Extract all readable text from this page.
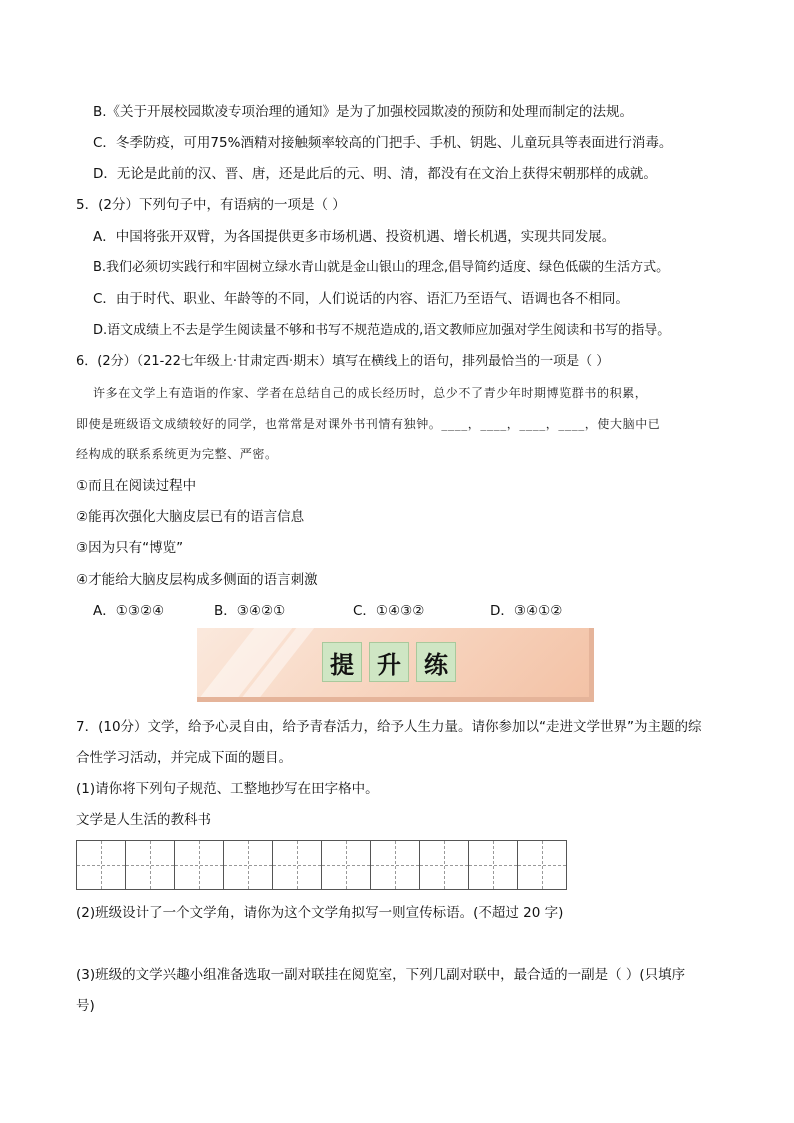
B.《关于开展校园欺凌专项治理的通知》是为了加强校园欺凌的预防和处理而制定的法规。
C．冬季防疫，可用75%酒精对接触频率较高的门把手、手机、钥匙、儿童玩具等表面进行消毒。
D．无论是此前的汉、晋、唐，还是此后的元、明、清，都没有在文治上获得宋朝那样的成就。
5．(2分）下列句子中，有语病的一项是（ ）
A．中国将张开双臂，为各国提供更多市场机遇、投资机遇、增长机遇，实现共同发展。
B.我们必须切实践行和牢固树立绿水青山就是金山银山的理念,倡导简约适度、绿色低碳的生活方式。
C．由于时代、职业、年龄等的不同，人们说话的内容、语汇乃至语气、语调也各不相同。
D.语文成绩上不去是学生阅读量不够和书写不规范造成的,语文教师应加强对学生阅读和书写的指导。
6．(2分）（21-22七年级上·甘肃定西·期末）填写在横线上的语句，排列最恰当的一项是（ ）
许多在文学上有造诣的作家、学者在总结自己的成长经历时，总少不了青少年时期博览群书的积累，
即使是班级语文成绩较好的同学，也常常是对课外书刊情有独钟。____，____，____，____，使大脑中已
经构成的联系系统更为完整、严密。
①而且在阅读过程中
②能再次强化大脑皮层已有的语言信息
③因为只有“博览”
④才能给大脑皮层构成多侧面的语言刺激
A．①③②④	B．③④②①	C．①④③②	D．③④①②
提 升 练
7．(10分）文学，给予心灵自由，给予青春活力，给予人生力量。请你参加以“走进文学世界”为主题的综
合性学习活动，并完成下面的题目。
(1)请你将下列句子规范、工整地抄写在田字格中。
文学是人生活的教科书
(2)班级设计了一个文学角，请你为这个文学角拟写一则宣传标语。(不超过 20 字)
(3)班级的文学兴趣小组准备选取一副对联挂在阅览室，下列几副对联中，最合适的一副是（ ）(只填序
号)
